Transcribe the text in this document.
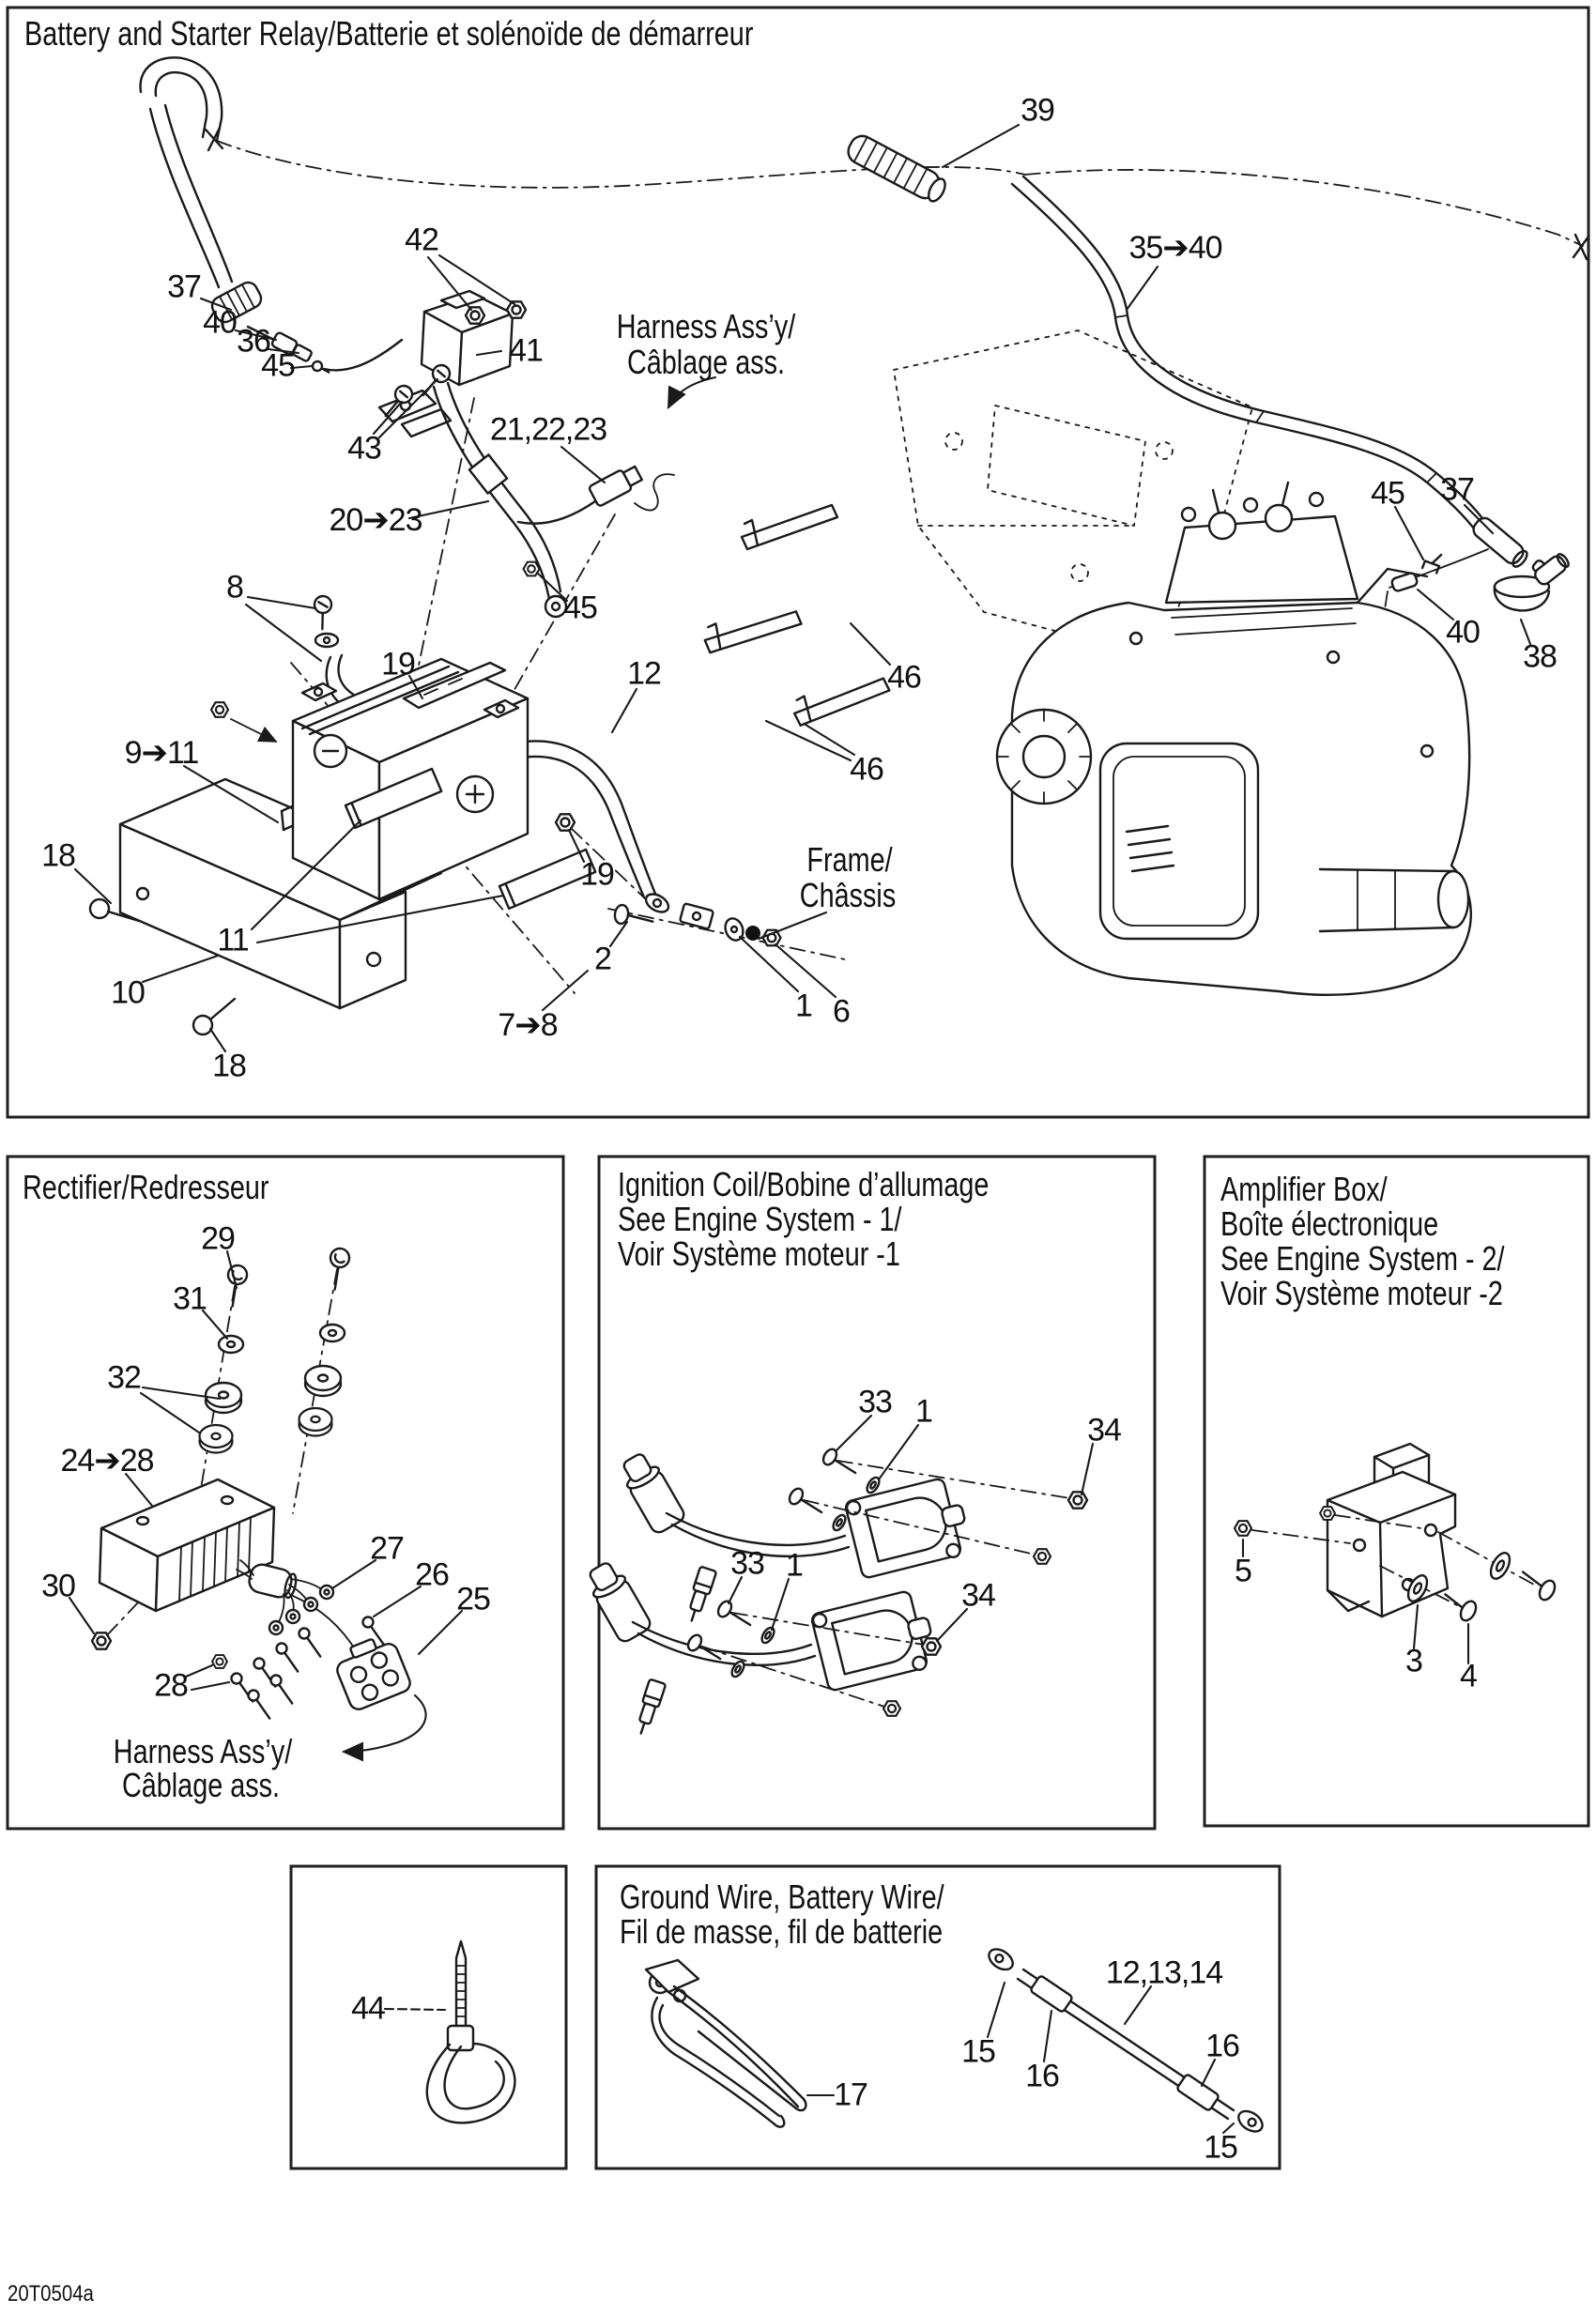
Battery and Starter Relay/Batterie et solénoïde de démarreur
Harness Ass’y/
Câblage ass.
Frame/
Châssis
Rectifier/Redresseur
Harness Ass’y/
Câblage ass.
Ignition Coil/Bobine d’allumage
See Engine System - 1/
Voir Système moteur -1
Amplifier Box/
Boîte électronique
See Engine System - 2/
Voir Système moteur -2
Ground Wire, Battery Wire/
Fil de masse, fil de batterie
20T0504a
39
35➔40
37
40
36
45
42
41
43
21,22,23
20➔23
45
8
19	12	46
46
9➔11
18
11
10
18
7➔8
2
19
1 6
45 37
40
38
29
31
32
24➔28
30
28
27
26
25
33 1
34
33 1
34
5
3 4
44
17
15
16
12,13,14
16
15
